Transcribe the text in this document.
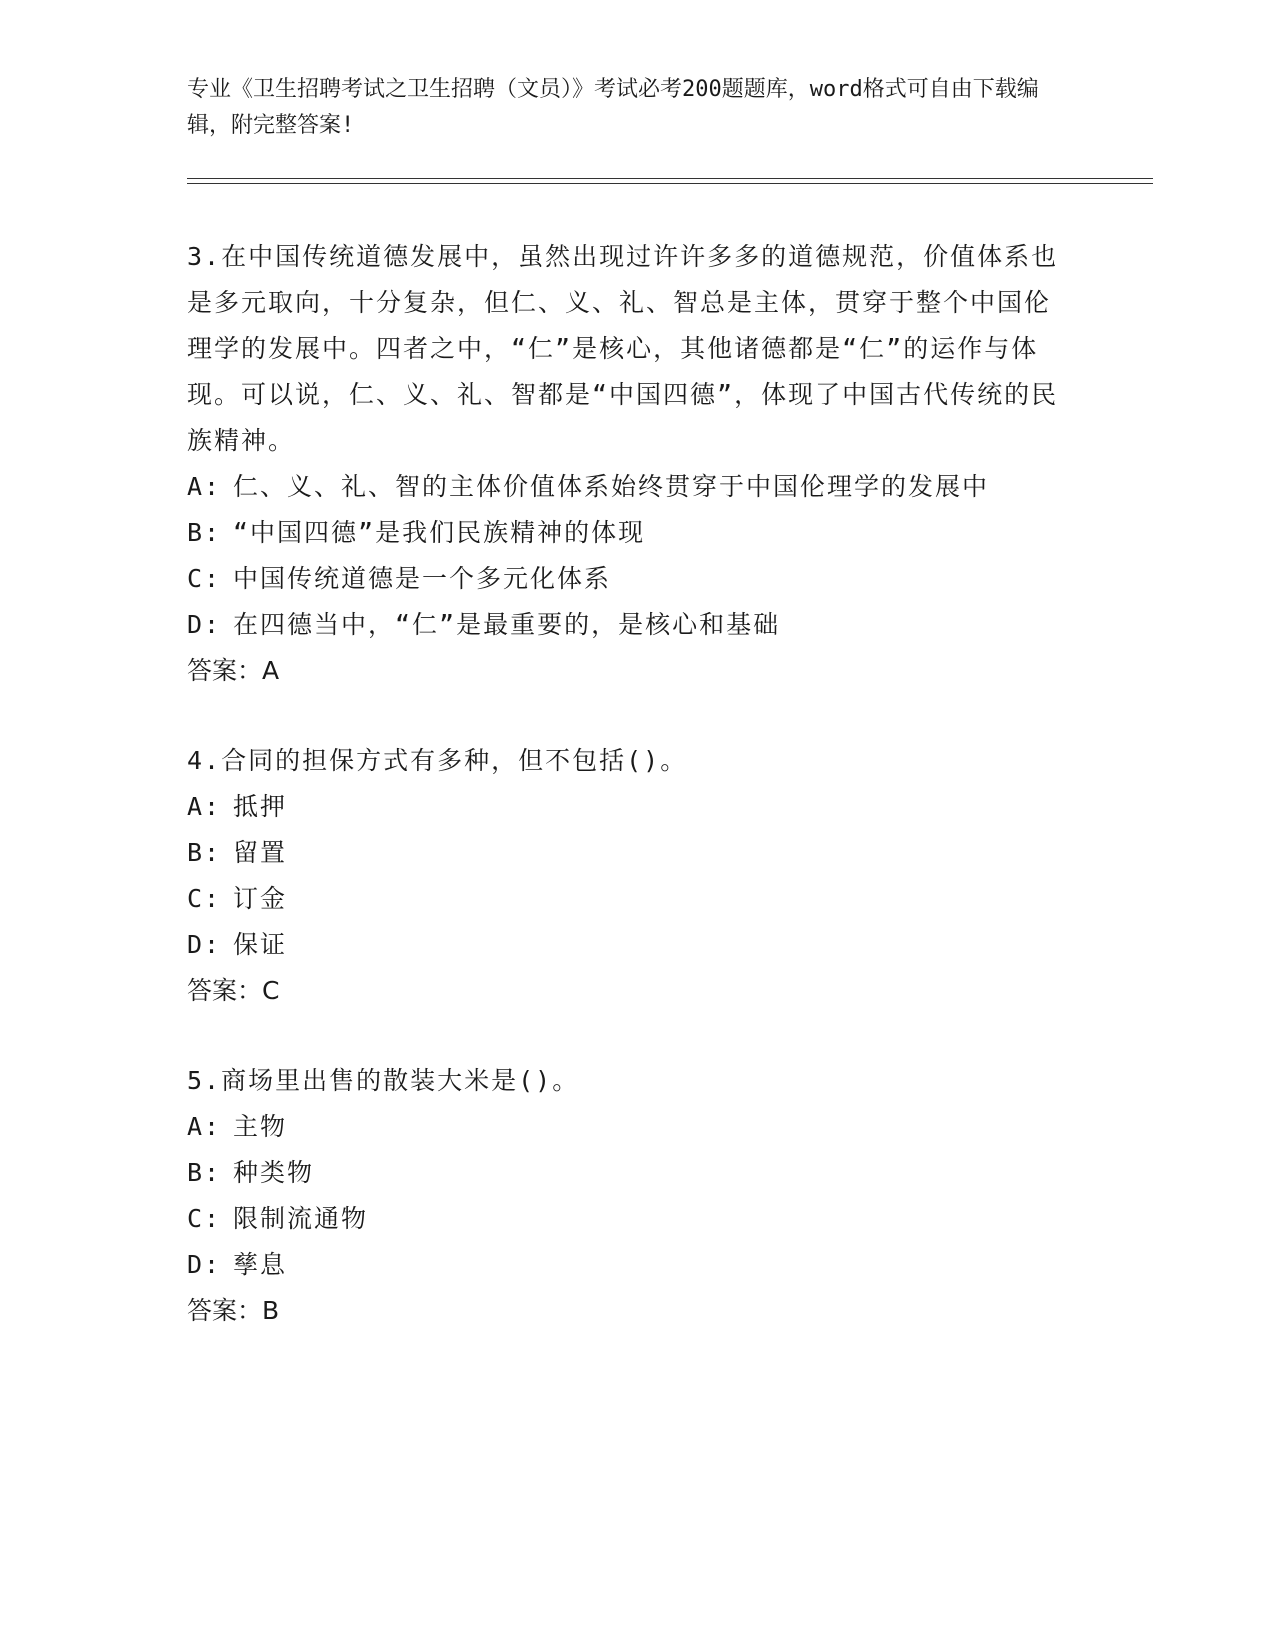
专业《卫生招聘考试之卫生招聘（文员）》考试必考200题题库，word格式可自由下载编辑，附完整答案!
3.在中国传统道德发展中，虽然出现过许许多多的道德规范，价值体系也是多元取向，十分复杂，但仁、义、礼、智总是主体，贯穿于整个中国伦理学的发展中。四者之中，“仁”是核心，其他诸德都是“仁”的运作与体现。可以说，仁、义、礼、智都是“中国四德”，体现了中国古代传统的民族精神。
A: 仁、义、礼、智的主体价值体系始终贯穿于中国伦理学的发展中
B: “中国四德”是我们民族精神的体现
C: 中国传统道德是一个多元化体系
D: 在四德当中，“仁”是最重要的，是核心和基础
答案：A
4.合同的担保方式有多种，但不包括()。
A: 抵押
B: 留置
C: 订金
D: 保证
答案：C
5.商场里出售的散装大米是()。
A: 主物
B: 种类物
C: 限制流通物
D: 孳息
答案：B
